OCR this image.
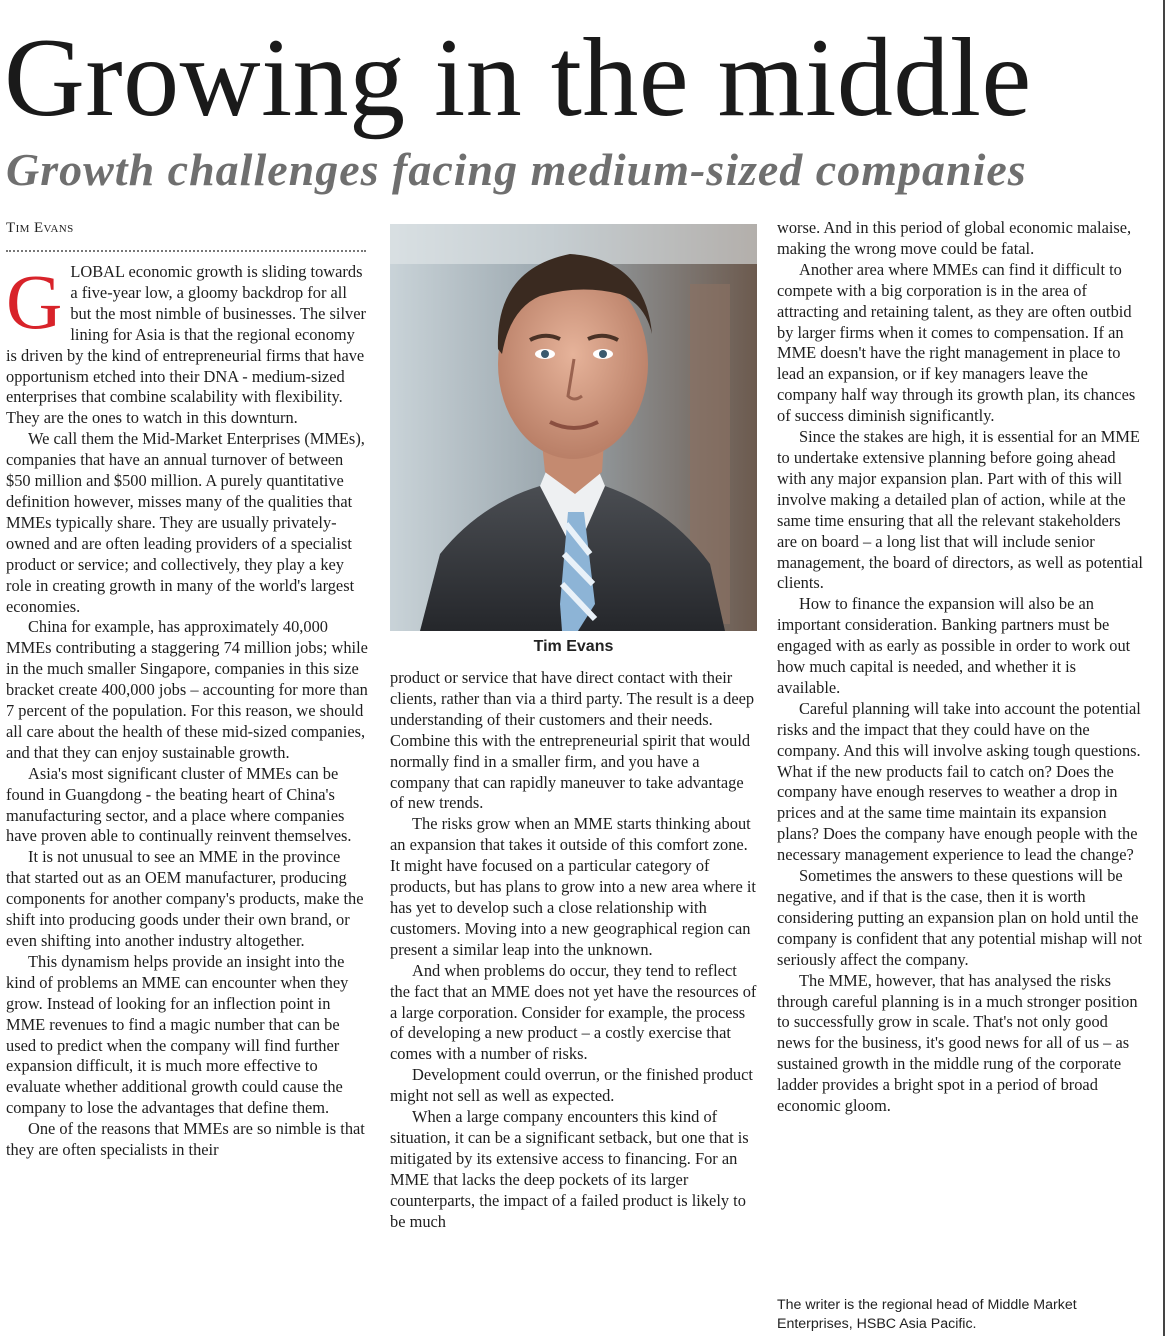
Growing in the middle
Growth challenges facing medium-sized companies
Tim Evans

GLOBAL economic growth is sliding towards a five-year low, a gloomy backdrop for all but the most nimble of businesses. The silver lining for Asia is that the regional economy is driven by the kind of entrepreneurial firms that have opportunism etched into their DNA - medium-sized enterprises that combine scalability with flexibility. They are the ones to watch in this downturn.

We call them the Mid-Market Enterprises (MMEs), companies that have an annual turnover of between $50 million and $500 million. A purely quantitative definition however, misses many of the qualities that MMEs typically share. They are usually privately-owned and are often leading providers of a specialist product or service; and collectively, they play a key role in creating growth in many of the world's largest economies.

China for example, has approximately 40,000 MMEs contributing a staggering 74 million jobs; while in the much smaller Singapore, companies in this size bracket create 400,000 jobs – accounting for more than 7 percent of the population. For this reason, we should all care about the health of these mid-sized companies, and that they can enjoy sustainable growth.

Asia's most significant cluster of MMEs can be found in Guangdong - the beating heart of China's manufacturing sector, and a place where companies have proven able to continually reinvent themselves.

It is not unusual to see an MME in the province that started out as an OEM manufacturer, producing components for another company's products, make the shift into producing goods under their own brand, or even shifting into another industry altogether.

This dynamism helps provide an insight into the kind of problems an MME can encounter when they grow. Instead of looking for an inflection point in MME revenues to find a magic number that can be used to predict when the company will find further expansion difficult, it is much more effective to evaluate whether additional growth could cause the company to lose the advantages that define them.

One of the reasons that MMEs are so nimble is that they are often specialists in their

Tim Evans

product or service that have direct contact with their clients, rather than via a third party. The result is a deep understanding of their customers and their needs. Combine this with the entrepreneurial spirit that would normally find in a smaller firm, and you have a company that can rapidly maneuver to take advantage of new trends.

The risks grow when an MME starts thinking about an expansion that takes it outside of this comfort zone. It might have focused on a particular category of products, but has plans to grow into a new area where it has yet to develop such a close relationship with customers. Moving into a new geographical region can present a similar leap into the unknown.

And when problems do occur, they tend to reflect the fact that an MME does not yet have the resources of a large corporation. Consider for example, the process of developing a new product – a costly exercise that comes with a number of risks.

Development could overrun, or the finished product might not sell as well as expected.

When a large company encounters this kind of situation, it can be a significant setback, but one that is mitigated by its extensive access to financing. For an MME that lacks the deep pockets of its larger counterparts, the impact of a failed product is likely to be much

worse. And in this period of global economic malaise, making the wrong move could be fatal.

Another area where MMEs can find it difficult to compete with a big corporation is in the area of attracting and retaining talent, as they are often outbid by larger firms when it comes to compensation. If an MME doesn't have the right management in place to lead an expansion, or if key managers leave the company half way through its growth plan, its chances of success diminish significantly.

Since the stakes are high, it is essential for an MME to undertake extensive planning before going ahead with any major expansion plan. Part with of this will involve making a detailed plan of action, while at the same time ensuring that all the relevant stakeholders are on board – a long list that will include senior management, the board of directors, as well as potential clients.

How to finance the expansion will also be an important consideration. Banking partners must be engaged with as early as possible in order to work out how much capital is needed, and whether it is available.

Careful planning will take into account the potential risks and the impact that they could have on the company. And this will involve asking tough questions. What if the new products fail to catch on? Does the company have enough reserves to weather a drop in prices and at the same time maintain its expansion plans? Does the company have enough people with the necessary management experience to lead the change?

Sometimes the answers to these questions will be negative, and if that is the case, then it is worth considering putting an expansion plan on hold until the company is confident that any potential mishap will not seriously affect the company.

The MME, however, that has analysed the risks through careful planning is in a much stronger position to successfully grow in scale. That's not only good news for the business, it's good news for all of us – as sustained growth in the middle rung of the corporate ladder provides a bright spot in a period of broad economic gloom.

The writer is the regional head of Middle Market Enterprises, HSBC Asia Pacific.
